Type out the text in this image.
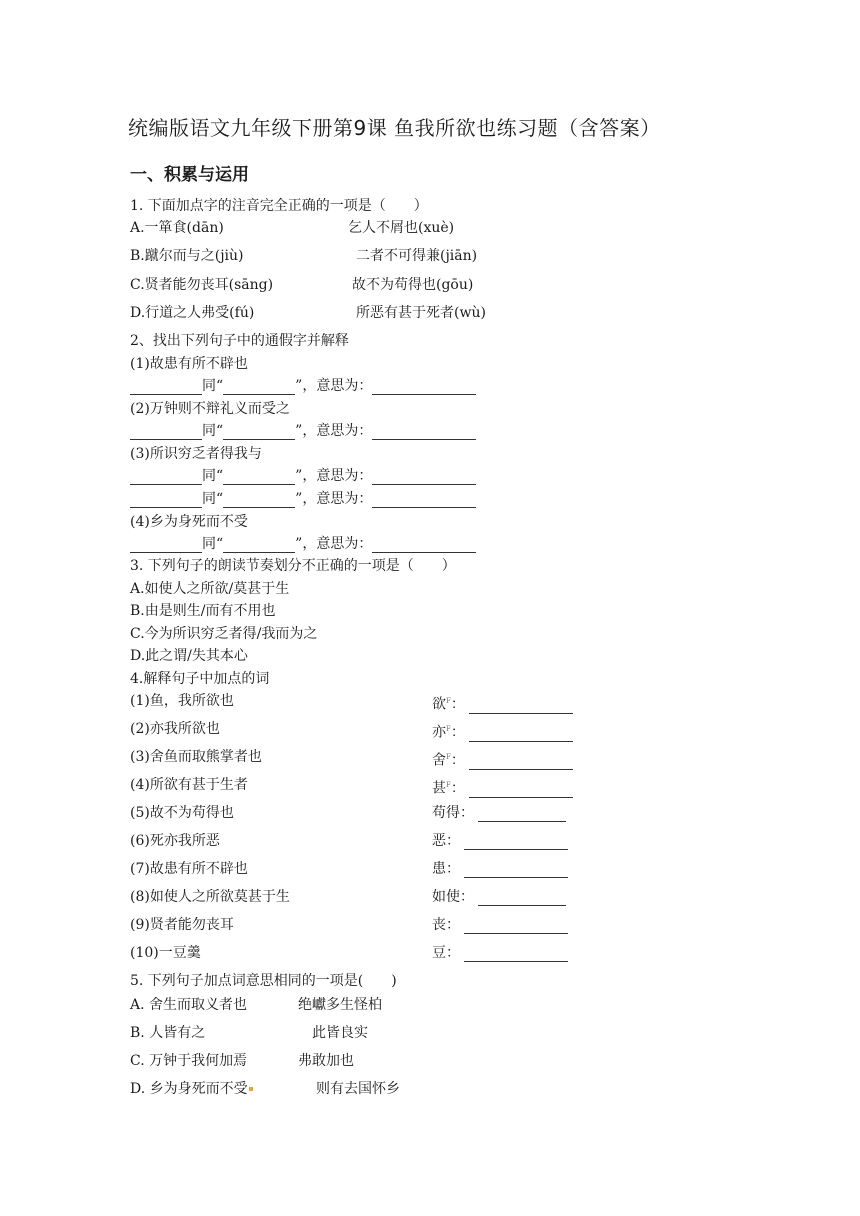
统编版语文九年级下册第9课 鱼我所欲也练习题（含答案）
一、积累与运用
1. 下面加点字的注音完全正确的一项是（　　）
A.一箪食(dān)	乞人不屑也(xuè)
B.蹴尔而与之(jiù)	二者不可得兼(jiān)
C.贤者能勿丧耳(sāng)	故不为苟得也(gōu)
D.行道之人弗受(fú)	所恶有甚于死者(wù)
2、找出下列句子中的通假字并解释
(1)故患有所不辟也
同“	”，意思为：
(2)万钟则不辩礼义而受之
同“	”，意思为：
(3)所识穷乏者得我与
同“	”，意思为：
同“	”，意思为：
(4)乡为身死而不受
同“	”，意思为：
3. 下列句子的朗读节奏划分不正确的一项是（　　）
A.如使人之所欲/莫甚于生
B.由是则生/而有不用也
C.今为所识穷乏者得/我而为之
D.此之谓/失其本心
4.解释句子中加点的词
(1)鱼，我所欲也	欲$^F$：
(2)亦我所欲也	亦$^F$：
(3)舍鱼而取熊掌者也	舍$^F$：
(4)所欲有甚于生者	甚$^F$：
(5)故不为苟得也	苟得：
(6)死亦我所恶	恶：
(7)故患有所不辟也	患：
(8)如使人之所欲莫甚于生	如使：
(9)贤者能勿丧耳	丧：
(10)一豆羹	豆：
5. 下列句子加点词意思相同的一项是(　　)
A. 舍生而取义者也	绝巘多生怪柏
B. 人皆有之	此皆良实
C. 万钟于我何加焉	弗敢加也
D. 乡为身死而不受	则有去国怀乡
